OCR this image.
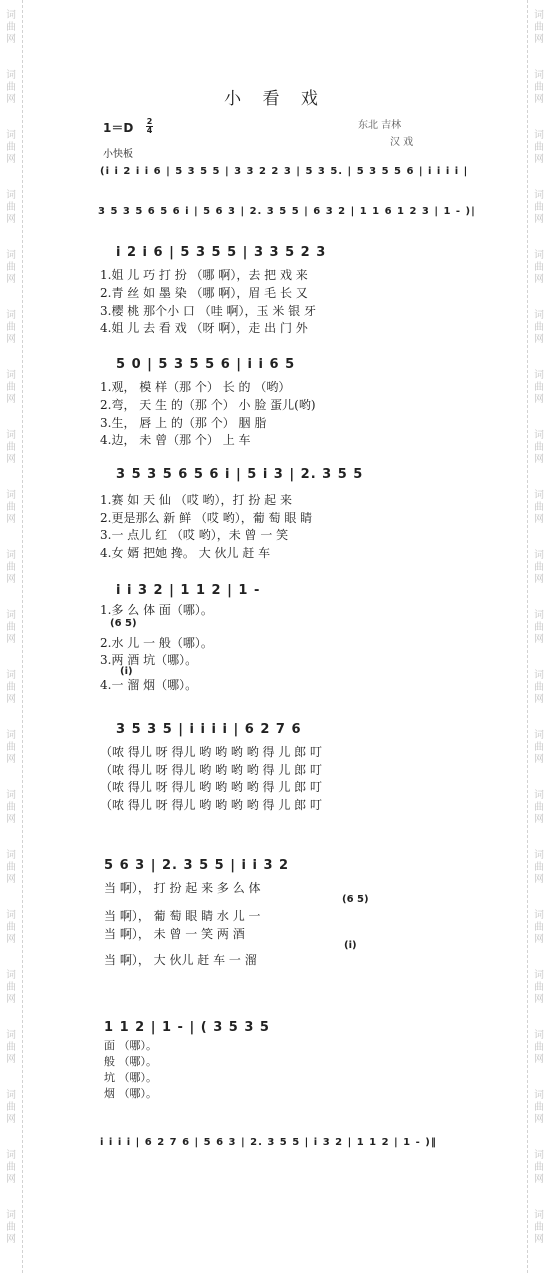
词曲网
词曲网
词曲网
词曲网
词曲网
词曲网
词曲网
词曲网
词曲网
词曲网
词曲网
词曲网
词曲网
词曲网
词曲网
词曲网
词曲网
词曲网
词曲网
词曲网
词曲网
词曲网
词曲网
词曲网
词曲网
词曲网
词曲网
词曲网
词曲网
词曲网
词曲网
词曲网
词曲网
词曲网
词曲网
词曲网
词曲网
词曲网
词曲网
词曲网
词曲网
词曲网
小 看 戏
1＝D 2
4
小快板
东北 吉林
汉 戏
(i i 2 i i 6 | 5 3 5 5 | 3 3 2 2 3 | 5 3 5. | 5 3 5 5 6 | i i i i |
3 5 3 5 6 5 6 i | 5 6 3 | 2. 3 5 5 | 6 3 2 | 1 1 6 1 2 3 | 1 - )|
i 2 i 6 | 5 3 5 5 | 3 3 5 2 3
1.姐 儿 巧 打 扮 （哪 啊），去 把 戏 来
2.青 丝 如 墨 染 （哪 啊），眉 毛 长 又
3.樱 桃 那个小 口 （哇 啊），玉 米 银 牙
4.姐 儿 去 看 戏 （呀 啊），走 出 门 外
5 0 | 5 3 5 5 6 | i i 6 5
1.观， 模 样（那 个） 长 的 （哟）
2.弯， 天 生 的（那 个） 小 脸 蛋儿(哟)
3.生， 唇 上 的（那 个） 胭 脂
4.边， 未 曾（那 个） 上 车
3 5 3 5 6 5 6 i | 5 i 3 | 2. 3 5 5
1.赛 如 天 仙 （哎 哟），打 扮 起 来
2.更是那么 新 鲜 （哎 哟），葡 萄 眼 睛
3.一 点儿 红 （哎 哟），未 曾 一 笑
4.女 婿 把她 搀。 大 伙儿 赶 车
i i 3 2 | 1 1 2 | 1 -
1.多 么 体 面（哪）。
(6 5)
2.水 儿 一 般（哪）。
3.两 酒 坑（哪）。
(i)
4.一 溜 烟（哪）。
3 5 3 5 | i i i i | 6 2 7 6
（哝 得儿 呀 得儿 哟 哟 哟 哟 得 儿 郎 叮
（哝 得儿 呀 得儿 哟 哟 哟 哟 得 儿 郎 叮
（哝 得儿 呀 得儿 哟 哟 哟 哟 得 儿 郎 叮
（哝 得儿 呀 得儿 哟 哟 哟 哟 得 儿 郎 叮
5 6 3 | 2. 3 5 5 | i i 3 2
当 啊）， 打 扮 起 来 多 么 体
(6 5)
当 啊）， 葡 萄 眼 睛 水 儿 一
当 啊）， 未 曾 一 笑 两 酒
(i)
当 啊）， 大 伙儿 赶 车 一 溜
1 1 2 | 1 - | ( 3 5 3 5
面 （哪）。
般 （哪）。
坑 （哪）。
烟 （哪）。
i i i i | 6 2 7 6 | 5 6 3 | 2. 3 5 5 | i 3 2 | 1 1 2 | 1 - )‖
